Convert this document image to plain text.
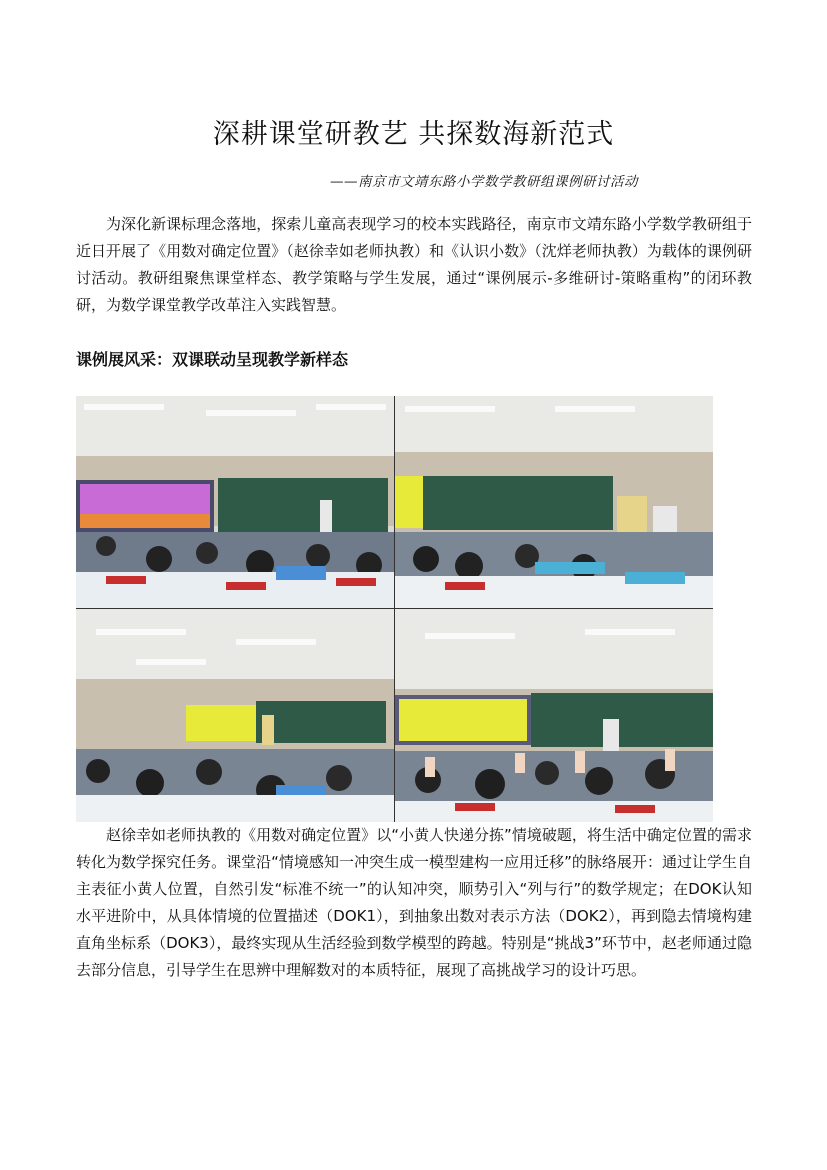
深耕课堂研教艺 共探数海新范式
——南京市文靖东路小学数学教研组课例研讨活动

为深化新课标理念落地，探索儿童高表现学习的校本实践路径，南京市文靖东路小学数学教研组于近日开展了《用数对确定位置》（赵徐幸如老师执教）和《认识小数》（沈烊老师执教）为载体的课例研讨活动。教研组聚焦课堂样态、教学策略与学生发展，通过“课例展示-多维研讨-策略重构”的闭环教研，为数学课堂教学改革注入实践智慧。

课例展风采：双课联动呈现教学新样态

赵徐幸如老师执教的《用数对确定位置》以“小黄人快递分拣”情境破题，将生活中确定位置的需求转化为数学探究任务。课堂沿“情境感知一冲突生成一模型建构一应用迁移”的脉络展开：通过让学生自主表征小黄人位置，自然引发“标准不统一”的认知冲突，顺势引入“列与行”的数学规定；在DOK认知水平进阶中，从具体情境的位置描述（DOK1），到抽象出数对表示方法（DOK2），再到隐去情境构建直角坐标系（DOK3），最终实现从生活经验到数学模型的跨越。特别是“挑战3”环节中，赵老师通过隐去部分信息，引导学生在思辨中理解数对的本质特征，展现了高挑战学习的设计巧思。
